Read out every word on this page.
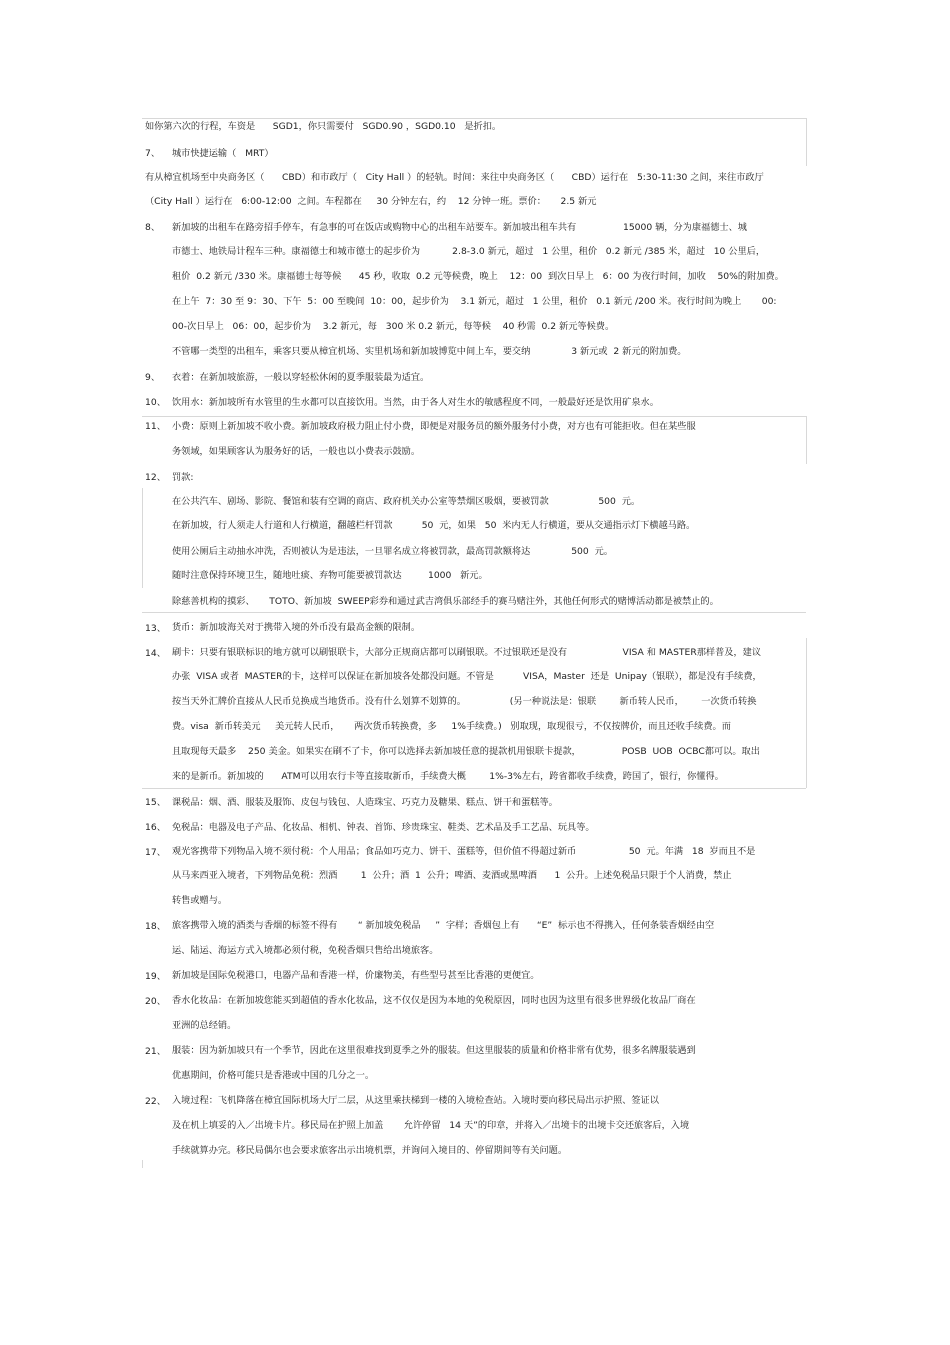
如你第六次的行程，车资是      SGD1，你只需要付   SGD0.90 ，SGD0.10   是折扣。
7、 城市快捷运输（   MRT）
有从樟宜机场至中央商务区（      CBD）和市政厅（   City Hall ）的轻轨。时间：来往中央商务区（      CBD）运行在   5:30-11:30 之间，来往市政厅
（City Hall ）运行在   6:00-12:00  之间。车程都在     30 分钟左右，约    12 分钟一班。票价：     2.5 新元
8、 新加坡的出租车在路旁招手停车，有急事的可在饭店或购物中心的出租车站要车。新加坡出租车共有                15000 辆，分为康福德士、城
市德士、地铁局计程车三种。康福德士和城市德士的起步价为           2.8-3.0 新元，超过   1 公里，租价   0.2 新元 /385 米，超过   10 公里后，
租价  0.2 新元 /330 米。康福德士每等候      45 秒，收取  0.2 元等候费，晚上    12：00  到次日早上   6：00 为夜行时间，加收    50%的附加费。
在上午  7：30 至 9：30、下午  5：00 至晚间  10：00，起步价为    3.1 新元，超过   1 公里，租价   0.1 新元 /200 米。夜行时间为晚上       00:
00-次日早上   06：00，起步价为    3.2 新元，每   300 米 0.2 新元，每等候    40 秒需  0.2 新元等候费。
不管哪一类型的出租车，乘客只要从樟宜机场、实里机场和新加坡博览中间上车，要交纳              3 新元或  2 新元的附加费。
9、 衣着：在新加坡旅游，一般以穿轻松休闲的夏季服装最为适宜。
10、 饮用水：新加坡所有水管里的生水都可以直接饮用。当然，由于各人对生水的敏感程度不同，一般最好还是饮用矿泉水。
11、 小费：原则上新加坡不收小费。新加坡政府极力阻止付小费，即便是对服务员的额外服务付小费，对方也有可能拒收。但在某些服
务领域，如果顾客认为服务好的话，一般也以小费表示鼓励。
12、 罚款:
在公共汽车、剧场、影院、餐馆和装有空调的商店、政府机关办公室等禁烟区吸烟，要被罚款                 500  元。
在新加坡，行人须走人行道和人行横道，翻越栏杆罚款          50  元，如果   50  米内无人行横道，要从交通指示灯下横越马路。
使用公厕后主动抽水冲洗，否则被认为是违法，一旦罪名成立将被罚款，最高罚款额将达              500  元。
随时注意保持环境卫生，随地吐痰、弃物可能要被罚款达         1000   新元。
除慈善机构的摸彩、     TOTO、新加坡  SWEEP彩券和通过武吉湾俱乐部经手的赛马赌注外，其他任何形式的赌博活动都是被禁止的。
13、 货币：新加坡海关对于携带入境的外币没有最高金额的限制。
14、 刷卡：只要有银联标识的地方就可以刷银联卡，大部分正规商店都可以刷银联。不过银联还是没有                   VISA 和 MASTER那样普及，建议
办张  VISA 或者  MASTER的卡，这样可以保证在新加坡各处都没问题。不管是          VISA，Master  还是  Unipay（银联），都是没有手续费，
按当天外汇牌价直接从人民币兑换成当地货币。没有什么划算不划算的。               (另一种说法是：银联        新币转人民币，      一次货币转换
费。visa  新币转美元     美元转人民币，     两次货币转换费，多     1%手续费。)   别取现，取现很亏，不仅按牌价，而且还收手续费。而
且取现每天最多    250 美金。如果实在刷不了卡，你可以选择去新加坡任意的提款机用银联卡提款，              POSB  UOB  OCBC都可以。取出
来的是新币。新加坡的      ATM可以用农行卡等直接取新币，手续费大概        1%-3%左右，跨省都收手续费，跨国了，银行，你懂得。
15、 课税品：烟、酒、服装及服饰、皮包与钱包、人造珠宝、巧克力及糖果、糕点、饼干和蛋糕等。
16、 免税品：电器及电子产品、化妆品、相机、钟表、首饰、珍贵珠宝、鞋类、艺术品及手工艺品、玩具等。
17、 观光客携带下列物品入境不须付税：个人用品；食品如巧克力、饼干、蛋糕等，但价值不得超过新币                  50  元。年满   18  岁而且不是
从马来西亚入境者，下列物品免税：烈酒        1  公升；酒  1  公升；啤酒、麦酒或黑啤酒      1  公升。上述免税品只限于个人消费，禁止
转售或赠与。
18、 旅客携带入境的酒类与香烟的标签不得有       “ 新加坡免税品     ”  字样；香烟包上有      “E”  标示也不得携入，任何条装香烟经由空
运、陆运、海运方式入境都必须付税，免税香烟只售给出境旅客。
19、 新加坡是国际免税港口，电器产品和香港一样，价廉物美，有些型号甚至比香港的更便宜。
20、 香水化妆品：在新加坡您能买到超值的香水化妆品，这不仅仅是因为本地的免税原因，同时也因为这里有很多世界级化妆品厂商在
亚洲的总经销。
21、 服装：因为新加坡只有一个季节，因此在这里很难找到夏季之外的服装。但这里服装的质量和价格非常有优势，很多名牌服装遇到
优惠期间，价格可能只是香港或中国的几分之一。
22、 入境过程：飞机降落在樟宜国际机场大厅二层，从这里乘扶梯到一楼的入境检查站。入境时要向移民局出示护照、签证以
及在机上填妥的入／出境卡片。移民局在护照上加盖       允许停留   14 天”的印章，并将入／出境卡的出境卡交还旅客后，入境
手续就算办完。移民局偶尔也会要求旅客出示出境机票，并询问入境目的、停留期间等有关问题。
